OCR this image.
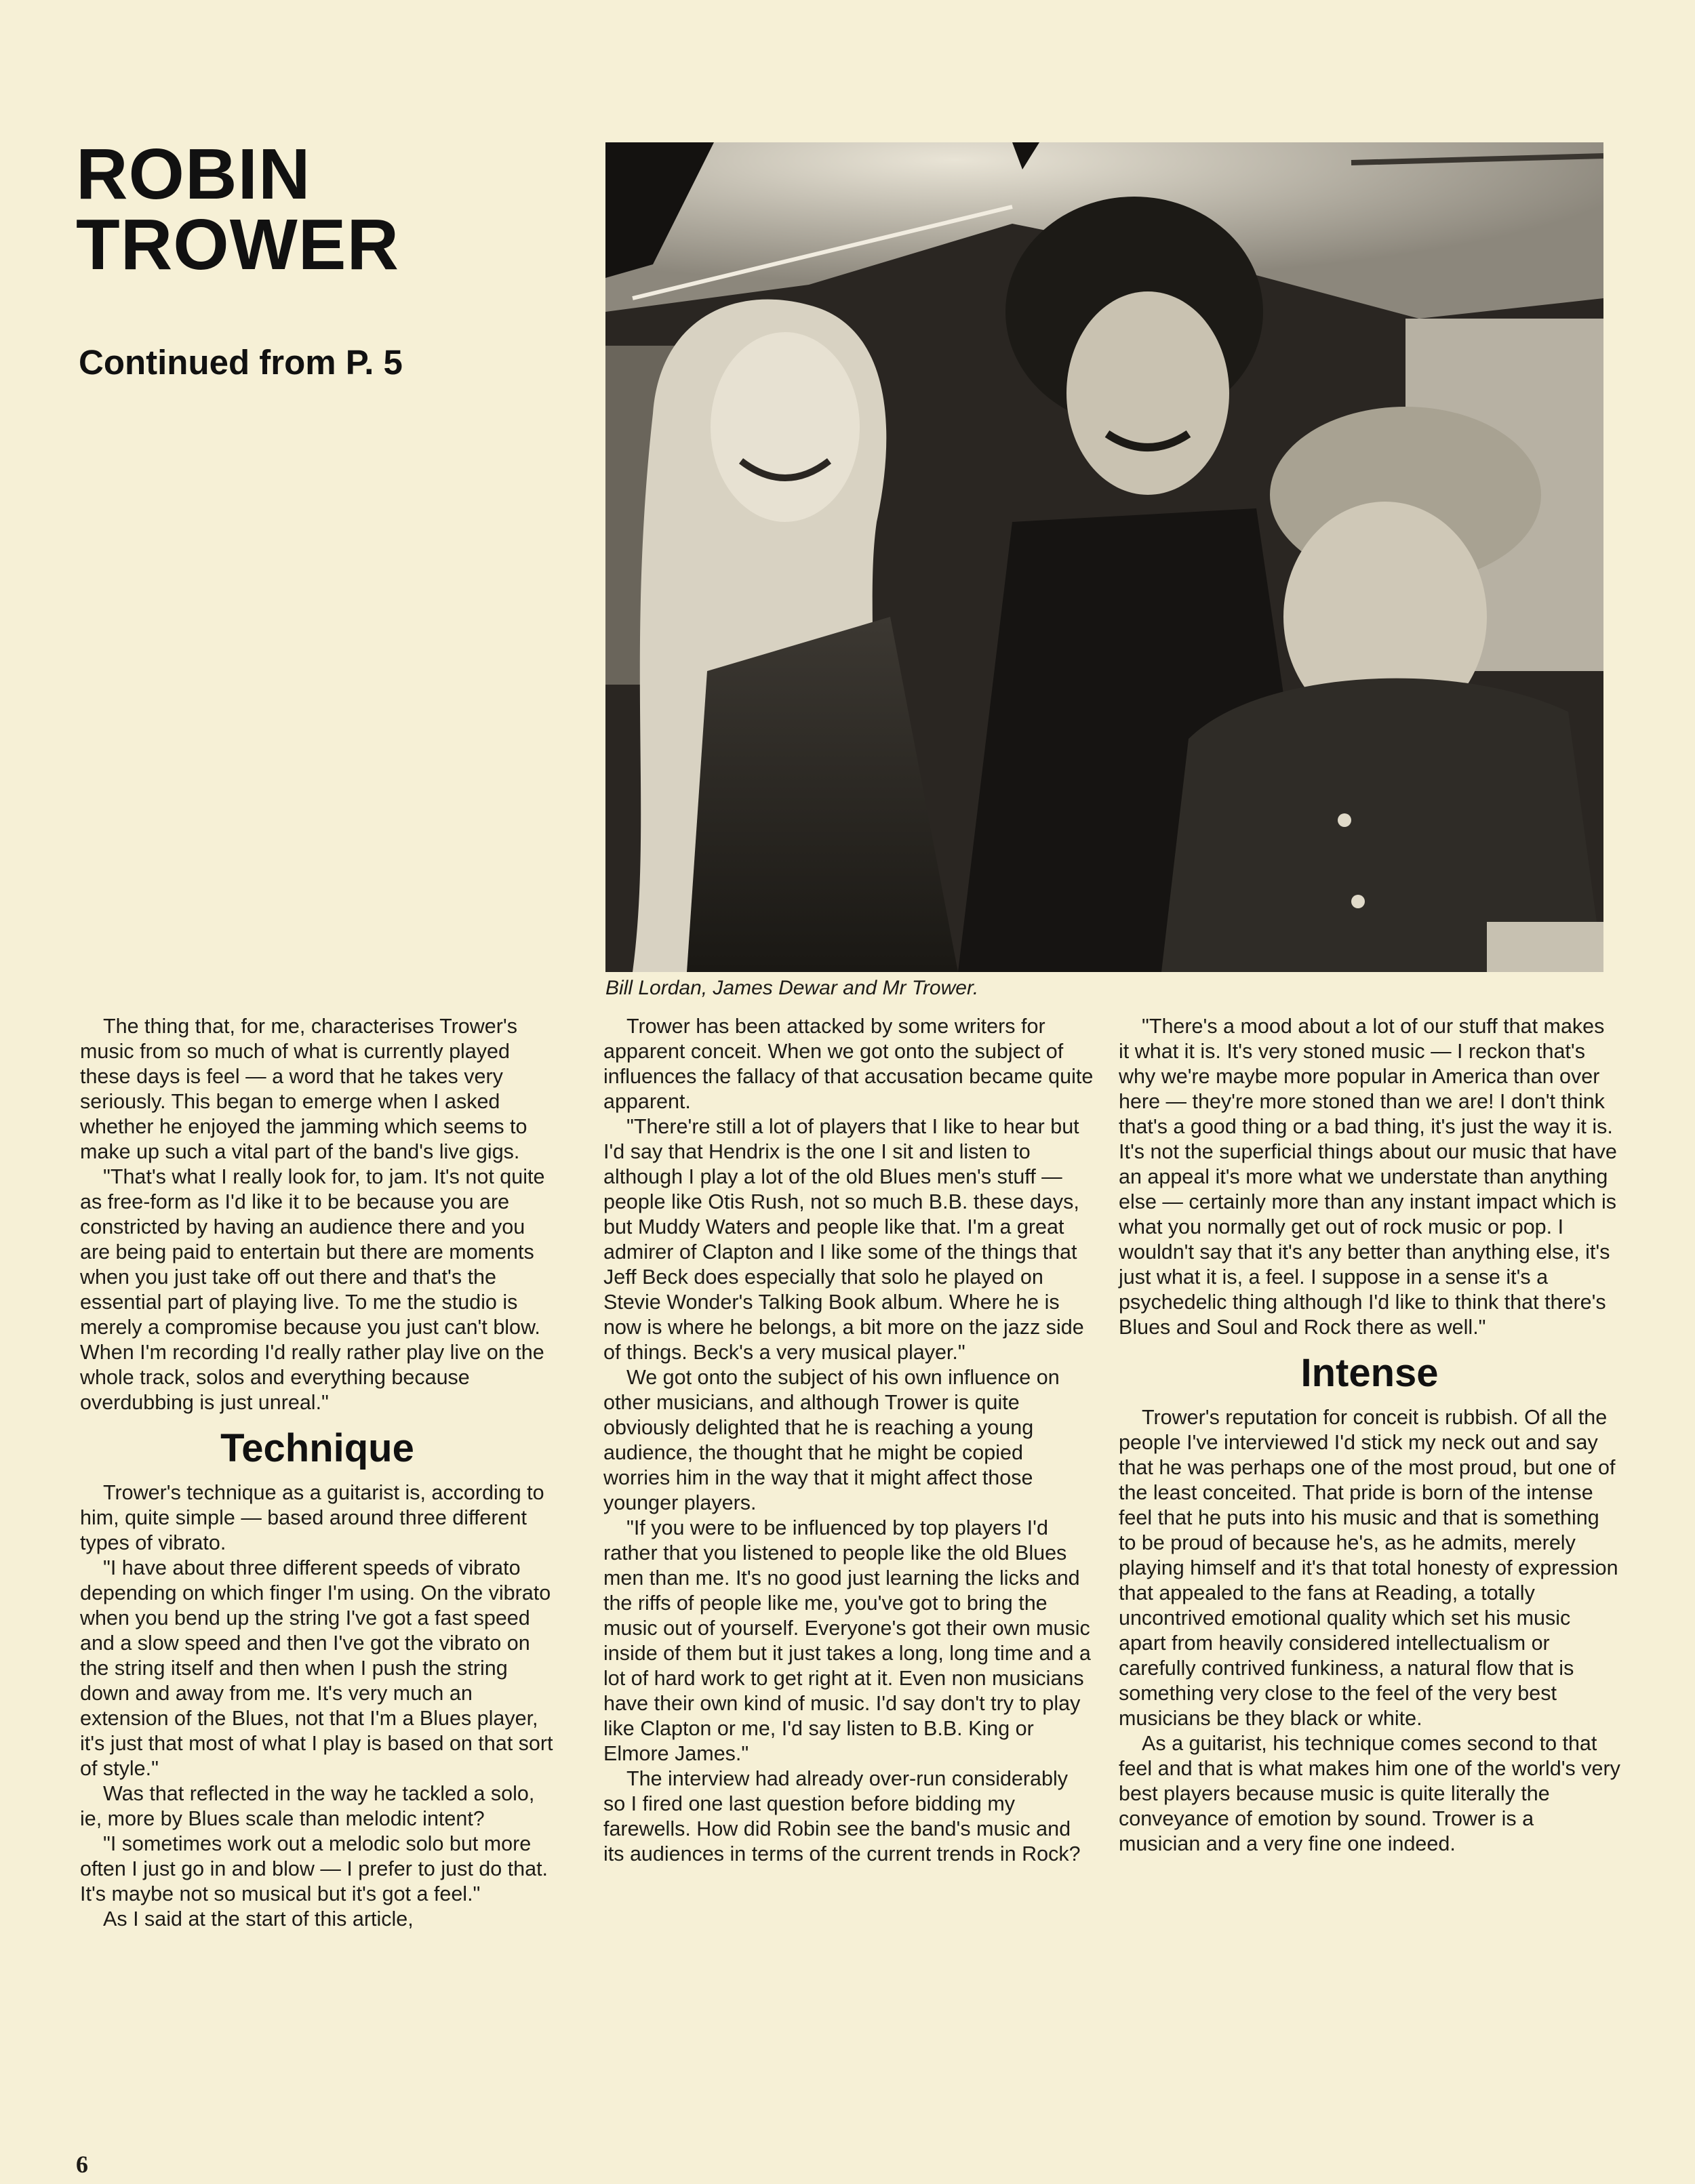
ROBIN
TROWER
Continued from P. 5
Bill Lordan, James Dewar and Mr Trower.

The thing that, for me, characterises Trower's music from so much of what is currently played these days is feel — a word that he takes very seriously. This began to emerge when I asked whether he enjoyed the jamming which seems to make up such a vital part of the band's live gigs.

"That's what I really look for, to jam. It's not quite as free-form as I'd like it to be because you are constricted by having an audience there and you are being paid to entertain but there are moments when you just take off out there and that's the essential part of playing live. To me the studio is merely a compromise because you just can't blow. When I'm recording I'd really rather play live on the whole track, solos and everything because overdubbing is just unreal."

Technique

Trower's technique as a guitarist is, according to him, quite simple — based around three different types of vibrato.

"I have about three different speeds of vibrato depending on which finger I'm using. On the vibrato when you bend up the string I've got a fast speed and a slow speed and then I've got the vibrato on the string itself and then when I push the string down and away from me. It's very much an extension of the Blues, not that I'm a Blues player, it's just that most of what I play is based on that sort of style."

Was that reflected in the way he tackled a solo, ie, more by Blues scale than melodic intent?

"I sometimes work out a melodic solo but more often I just go in and blow — I prefer to just do that. It's maybe not so musical but it's got a feel."

As I said at the start of this article,

Trower has been attacked by some writers for apparent conceit. When we got onto the subject of influences the fallacy of that accusation became quite apparent.

"There're still a lot of players that I like to hear but I'd say that Hendrix is the one I sit and listen to although I play a lot of the old Blues men's stuff — people like Otis Rush, not so much B.B. these days, but Muddy Waters and people like that. I'm a great admirer of Clapton and I like some of the things that Jeff Beck does especially that solo he played on Stevie Wonder's Talking Book album. Where he is now is where he belongs, a bit more on the jazz side of things. Beck's a very musical player."

We got onto the subject of his own influence on other musicians, and although Trower is quite obviously delighted that he is reaching a young audience, the thought that he might be copied worries him in the way that it might affect those younger players.

"If you were to be influenced by top players I'd rather that you listened to people like the old Blues men than me. It's no good just learning the licks and the riffs of people like me, you've got to bring the music out of yourself. Everyone's got their own music inside of them but it just takes a long, long time and a lot of hard work to get right at it. Even non musicians have their own kind of music. I'd say don't try to play like Clapton or me, I'd say listen to B.B. King or Elmore James."

The interview had already over-run considerably so I fired one last question before bidding my farewells. How did Robin see the band's music and its audiences in terms of the current trends in Rock?

"There's a mood about a lot of our stuff that makes it what it is. It's very stoned music — I reckon that's why we're maybe more popular in America than over here — they're more stoned than we are! I don't think that's a good thing or a bad thing, it's just the way it is. It's not the superficial things about our music that have an appeal it's more what we understate than anything else — certainly more than any instant impact which is what you normally get out of rock music or pop. I wouldn't say that it's any better than anything else, it's just what it is, a feel. I suppose in a sense it's a psychedelic thing although I'd like to think that there's Blues and Soul and Rock there as well."

Intense

Trower's reputation for conceit is rubbish. Of all the people I've interviewed I'd stick my neck out and say that he was perhaps one of the most proud, but one of the least conceited. That pride is born of the intense feel that he puts into his music and that is something to be proud of because he's, as he admits, merely playing himself and it's that total honesty of expression that appealed to the fans at Reading, a totally uncontrived emotional quality which set his music apart from heavily considered intellectualism or carefully contrived funkiness, a natural flow that is something very close to the feel of the very best musicians be they black or white.

As a guitarist, his technique comes second to that feel and that is what makes him one of the world's very best players because music is quite literally the conveyance of emotion by sound. Trower is a musician and a very fine one indeed.

6
